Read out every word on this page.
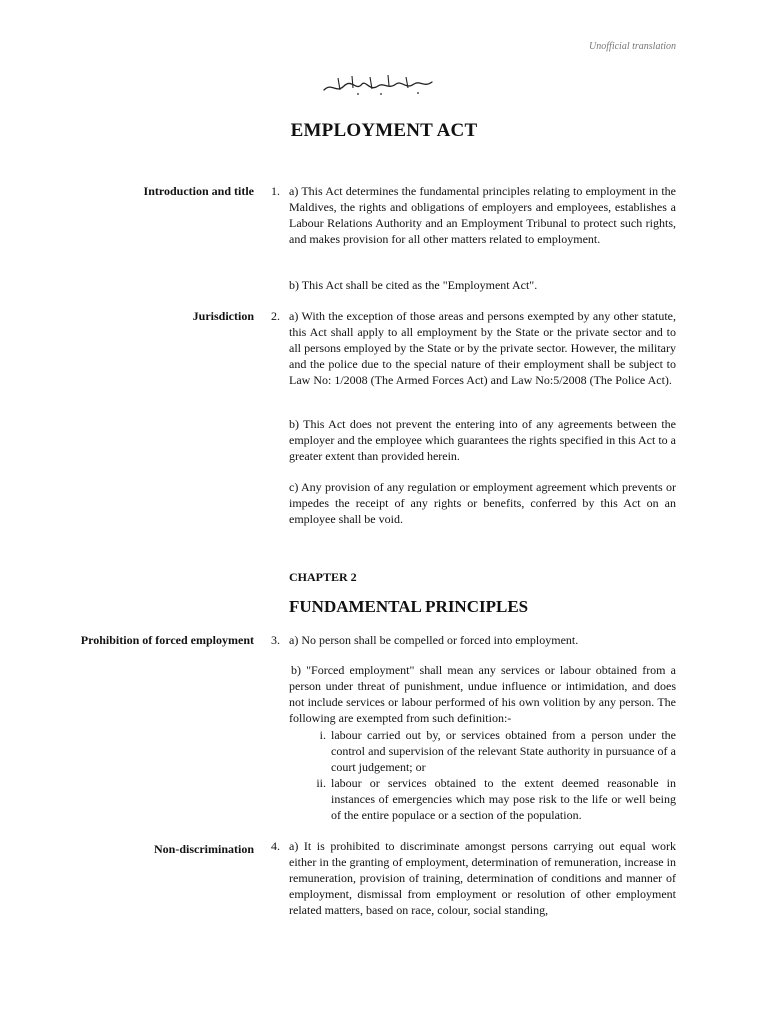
Unofficial translation
EMPLOYMENT ACT
Introduction and title 1. a) This Act determines the fundamental principles relating to employment in the Maldives, the rights and obligations of employers and employees, establishes a Labour Relations Authority and an Employment Tribunal to protect such rights, and makes provision for all other matters related to employment.

b) This Act shall be cited as the "Employment Act".

Jurisdiction 2. a) With the exception of those areas and persons exempted by any other statute, this Act shall apply to all employment by the State or the private sector and to all persons employed by the State or by the private sector. However, the military and the police due to the special nature of their employment shall be subject to Law No: 1/2008 (The Armed Forces Act) and Law No:5/2008 (The Police Act).

b) This Act does not prevent the entering into of any agreements between the employer and the employee which guarantees the rights specified in this Act to a greater extent than provided herein.

c) Any provision of any regulation or employment agreement which prevents or impedes the receipt of any rights or benefits, conferred by this Act on an employee shall be void.

CHAPTER 2
FUNDAMENTAL PRINCIPLES
Prohibition of forced employment 3. a) No person shall be compelled or forced into employment.

b) "Forced employment" shall mean any services or labour obtained from a person under threat of punishment, undue influence or intimidation, and does not include services or labour performed of his own volition by any person. The following are exempted from such definition:-

i. labour carried out by, or services obtained from a person under the control and supervision of the relevant State authority in pursuance of a court judgement; or

ii. labour or services obtained to the extent deemed reasonable in instances of emergencies which may pose risk to the life or well being of the entire populace or a section of the population.

Non-discrimination 4. a) It is prohibited to discriminate amongst persons carrying out equal work either in the granting of employment, determination of remuneration, increase in remuneration, provision of training, determination of conditions and manner of employment, dismissal from employment or resolution of other employment related matters, based on race, colour, social standing,
